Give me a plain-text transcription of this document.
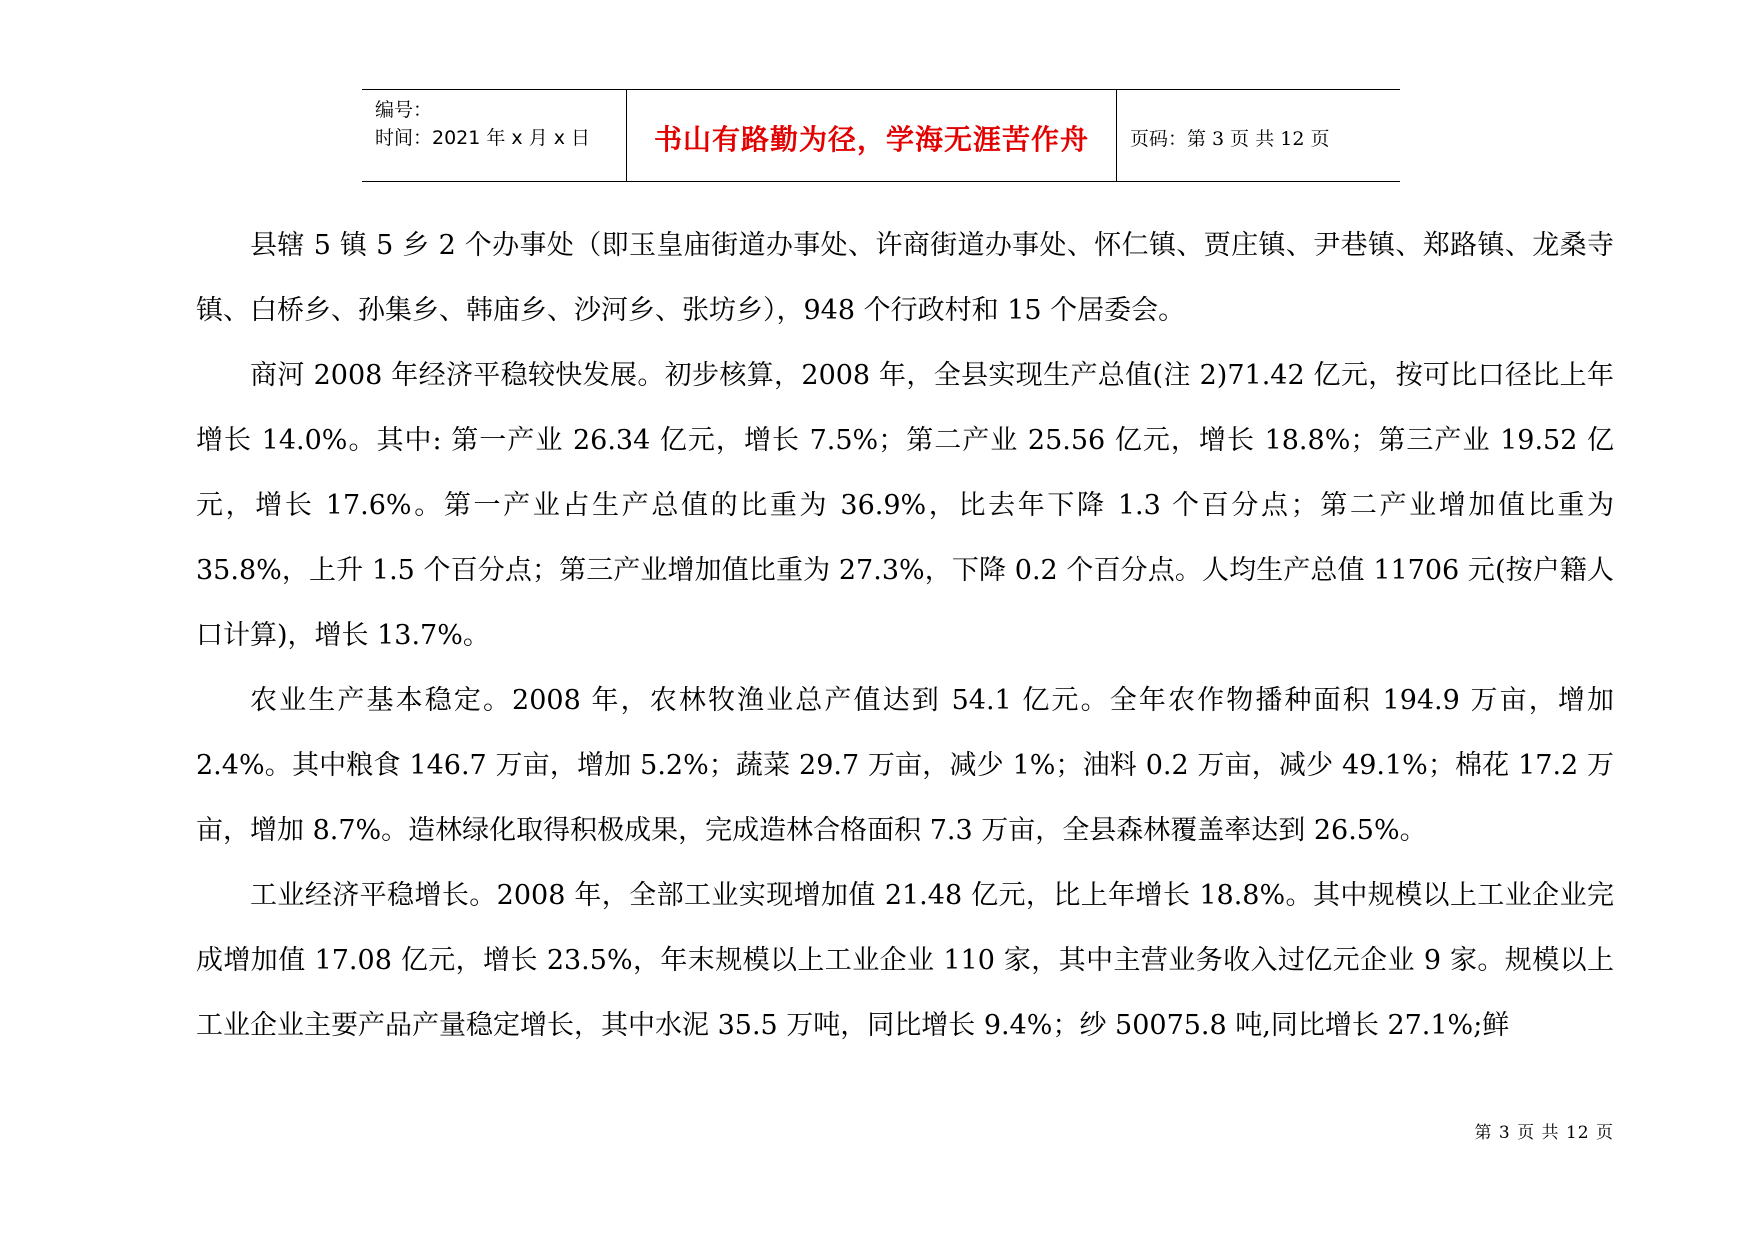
编号：
时间：2021 年 x 月 x 日	书山有路勤为径，学海无涯苦作舟	页码：第 3 页 共 12 页

县辖 5 镇 5 乡 2 个办事处（即玉皇庙街道办事处、许商街道办事处、怀仁镇、贾庄镇、尹巷镇、郑路镇、龙桑寺镇、白桥乡、孙集乡、韩庙乡、沙河乡、张坊乡），948 个行政村和 15 个居委会。

商河 2008 年经济平稳较快发展。初步核算，2008 年，全县实现生产总值(注 2)71.42 亿元，按可比口径比上年增长 14.0%。其中: 第一产业 26.34 亿元，增长 7.5%；第二产业 25.56 亿元，增长 18.8%；第三产业 19.52 亿元，增长 17.6%。第一产业占生产总值的比重为 36.9%，比去年下降 1.3 个百分点；第二产业增加值比重为 35.8%，上升 1.5 个百分点；第三产业增加值比重为 27.3%，下降 0.2 个百分点。人均生产总值 11706 元(按户籍人口计算)，增长 13.7%。

农业生产基本稳定。2008 年，农林牧渔业总产值达到 54.1 亿元。全年农作物播种面积 194.9 万亩，增加 2.4%。其中粮食 146.7 万亩，增加 5.2%；蔬菜 29.7 万亩，减少 1%；油料 0.2 万亩，减少 49.1%；棉花 17.2 万亩，增加 8.7%。造林绿化取得积极成果，完成造林合格面积 7.3 万亩，全县森林覆盖率达到 26.5%。

工业经济平稳增长。2008 年，全部工业实现增加值 21.48 亿元，比上年增长 18.8%。其中规模以上工业企业完成增加值 17.08 亿元，增长 23.5%，年末规模以上工业企业 110 家，其中主营业务收入过亿元企业 9 家。规模以上工业企业主要产品产量稳定增长，其中水泥 35.5 万吨，同比增长 9.4%；纱 50075.8 吨,同比增长 27.1%;鲜

第 3 页 共 12 页
